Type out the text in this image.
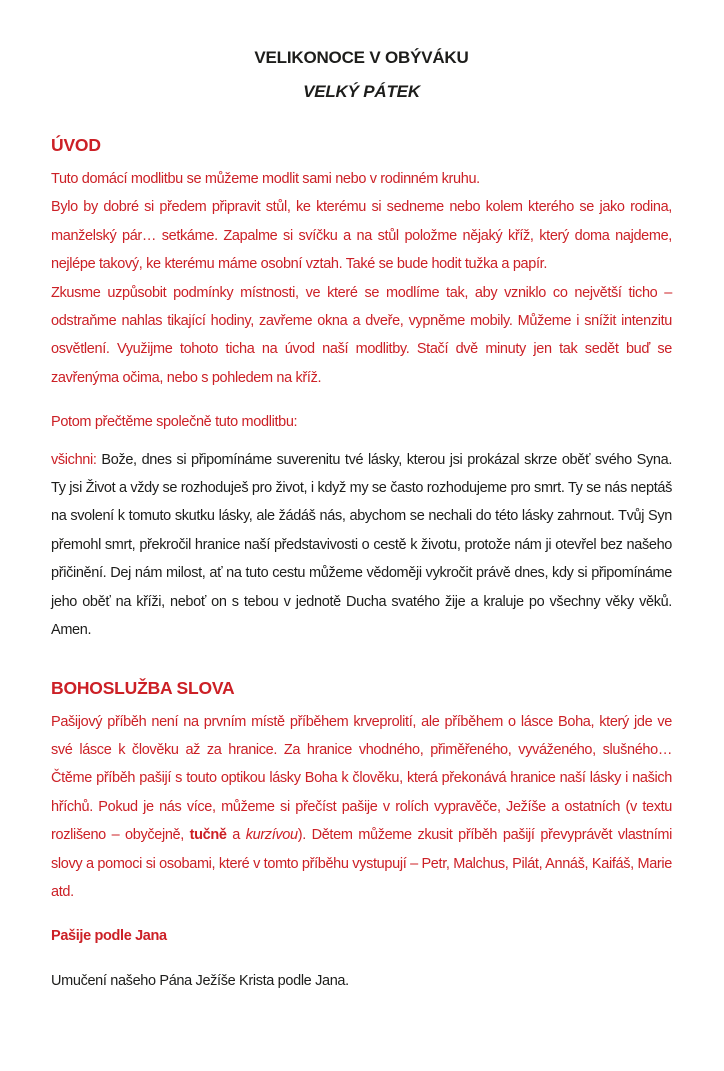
VELIKONOCE V OBÝVÁKU
VELKÝ PÁTEK
ÚVOD

Tuto domácí modlitbu se můžeme modlit sami nebo v rodinném kruhu.

Bylo by dobré si předem připravit stůl, ke kterému si sedneme nebo kolem kterého se jako rodina, manželský pár… setkáme. Zapalme si svíčku a na stůl položme nějaký kříž, který doma najdeme, nejlépe takový, ke kterému máme osobní vztah. Také se bude hodit tužka a papír.

Zkusme uzpůsobit podmínky místnosti, ve které se modlíme tak, aby vzniklo co největší ticho – odstraňme nahlas tikající hodiny, zavřeme okna a dveře, vypněme mobily. Můžeme i snížit intenzitu osvětlení. Využijme tohoto ticha na úvod naší modlitby. Stačí dvě minuty jen tak sedět buď se zavřenýma očima, nebo s pohledem na kříž.

Potom přečtěme společně tuto modlitbu:

všichni: Bože, dnes si připomínáme suverenitu tvé lásky, kterou jsi prokázal skrze oběť svého Syna. Ty jsi Život a vždy se rozhoduješ pro život, i když my se často rozhodujeme pro smrt. Ty se nás neptáš na svolení k tomuto skutku lásky, ale žádáš nás, abychom se nechali do této lásky zahrnout. Tvůj Syn přemohl smrt, překročil hranice naší představivosti o cestě k životu, protože nám ji otevřel bez našeho přičinění. Dej nám milost, ať na tuto cestu můžeme vědoměji vykročit právě dnes, kdy si připomínáme jeho oběť na kříži, neboť on s tebou v jednotě Ducha svatého žije a kraluje po všechny věky věků. Amen.

BOHOSLUŽBA SLOVA

Pašijový příběh není na prvním místě příběhem krveprolití, ale příběhem o lásce Boha, který jde ve své lásce k člověku až za hranice. Za hranice vhodného, přiměřeného, vyváženého, slušného… Čtěme příběh pašijí s touto optikou lásky Boha k člověku, která překonává hranice naší lásky i našich hříchů. Pokud je nás více, můžeme si přečíst pašije v rolích vypravěče, Ježíše a ostatních (v textu rozlišeno – obyčejně, tučně a kurzívou). Dětem můžeme zkusit příběh pašijí převyprávět vlastními slovy a pomoci si osobami, které v tomto příběhu vystupují – Petr, Malchus, Pilát, Annáš, Kaifáš, Marie atd.

Pašije podle Jana

Umučení našeho Pána Ježíše Krista podle Jana.
